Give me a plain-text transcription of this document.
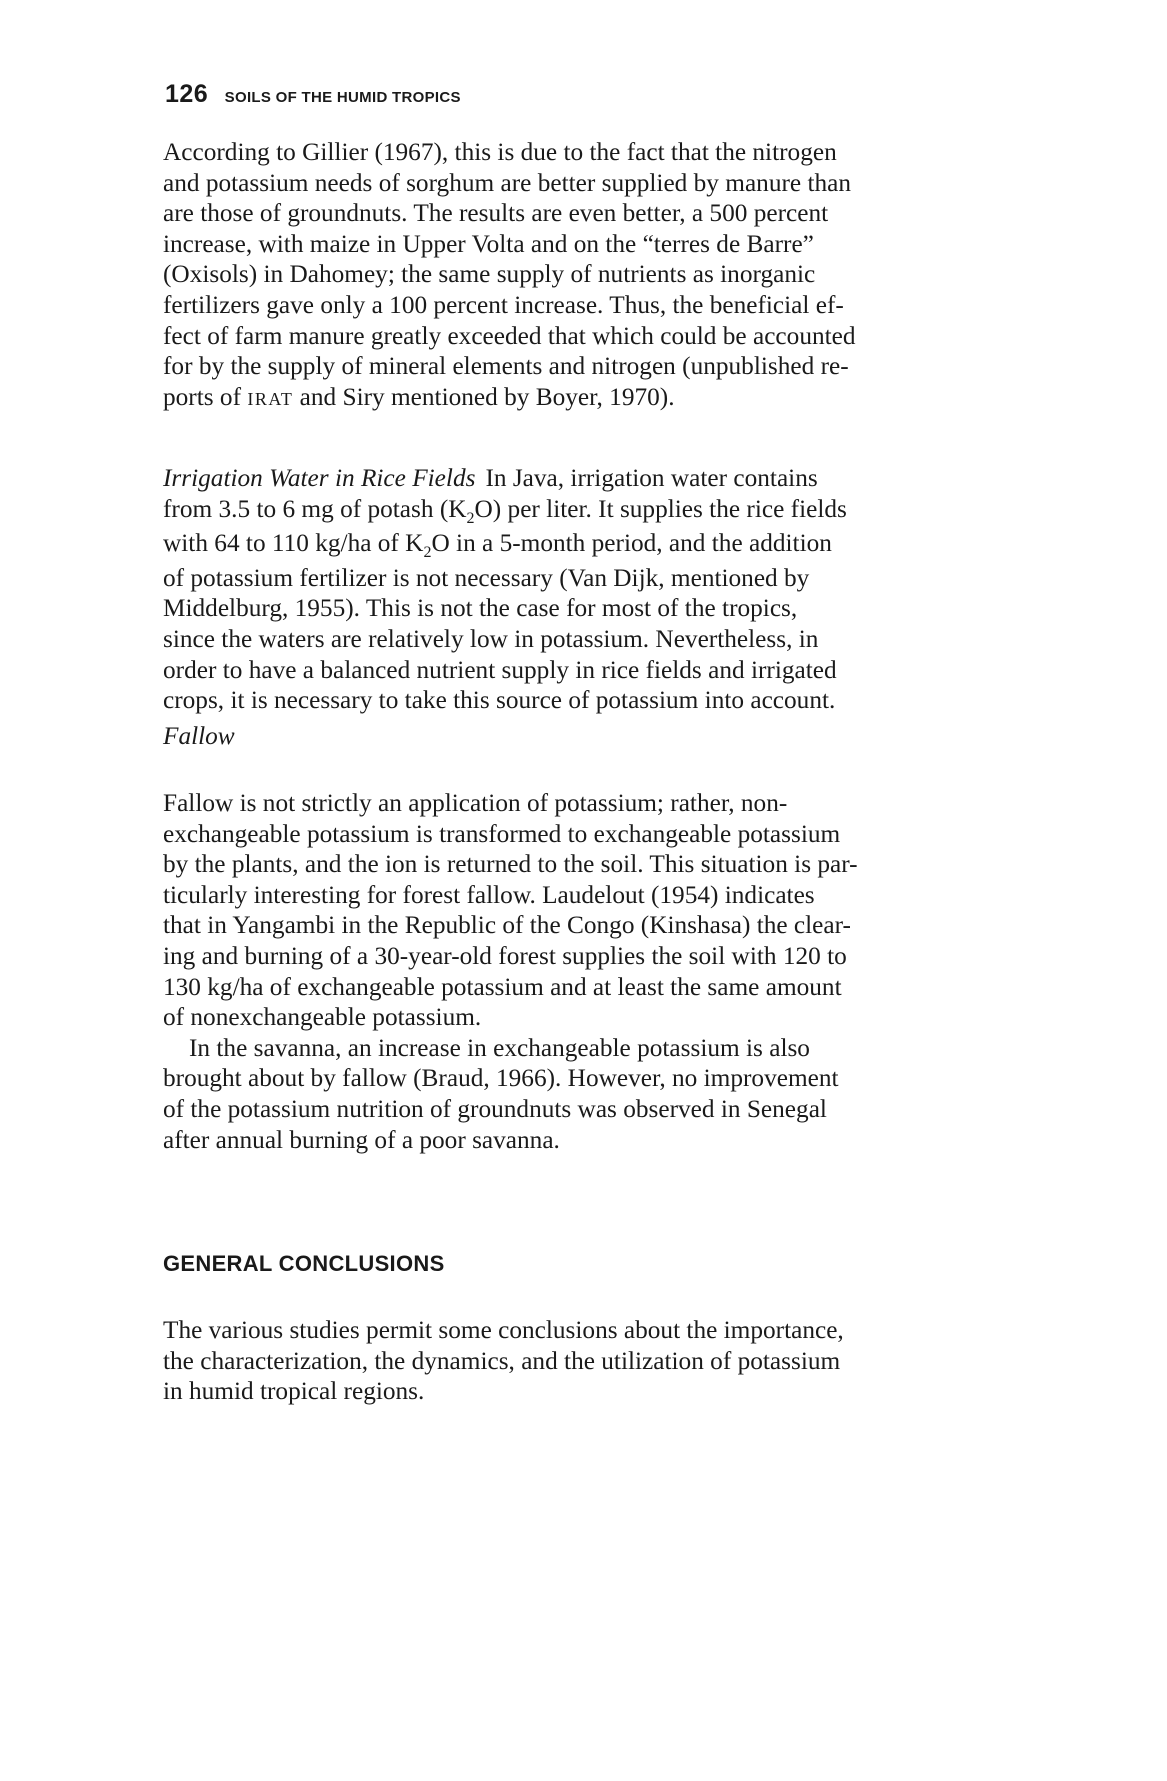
126 SOILS OF THE HUMID TROPICS

According to Gillier (1967), this is due to the fact that the nitrogen
and potassium needs of sorghum are better supplied by manure than
are those of groundnuts. The results are even better, a 500 percent
increase, with maize in Upper Volta and on the “terres de Barre”
(Oxisols) in Dahomey; the same supply of nutrients as inorganic
fertilizers gave only a 100 percent increase. Thus, the beneficial ef-
fect of farm manure greatly exceeded that which could be accounted
for by the supply of mineral elements and nitrogen (unpublished re-
ports of IRAT and Siry mentioned by Boyer, 1970).

Irrigation Water in Rice Fields In Java, irrigation water contains
from 3.5 to 6 mg of potash $(K_2O)$ per liter. It supplies the rice fields
with 64 to 110 kg/ha of $K_2O$ in a 5-month period, and the addition
of potassium fertilizer is not necessary (Van Dijk, mentioned by
Middelburg, 1955). This is not the case for most of the tropics,
since the waters are relatively low in potassium. Nevertheless, in
order to have a balanced nutrient supply in rice fields and irrigated
crops, it is necessary to take this source of potassium into account.

Fallow

Fallow is not strictly an application of potassium; rather, non-
exchangeable potassium is transformed to exchangeable potassium
by the plants, and the ion is returned to the soil. This situation is par-
ticularly interesting for forest fallow. Laudelout (1954) indicates
that in Yangambi in the Republic of the Congo (Kinshasa) the clear-
ing and burning of a 30-year-old forest supplies the soil with 120 to
130 kg/ha of exchangeable potassium and at least the same amount
of nonexchangeable potassium.
In the savanna, an increase in exchangeable potassium is also
brought about by fallow (Braud, 1966). However, no improvement
of the potassium nutrition of groundnuts was observed in Senegal
after annual burning of a poor savanna.

GENERAL CONCLUSIONS

The various studies permit some conclusions about the importance,
the characterization, the dynamics, and the utilization of potassium
in humid tropical regions.
